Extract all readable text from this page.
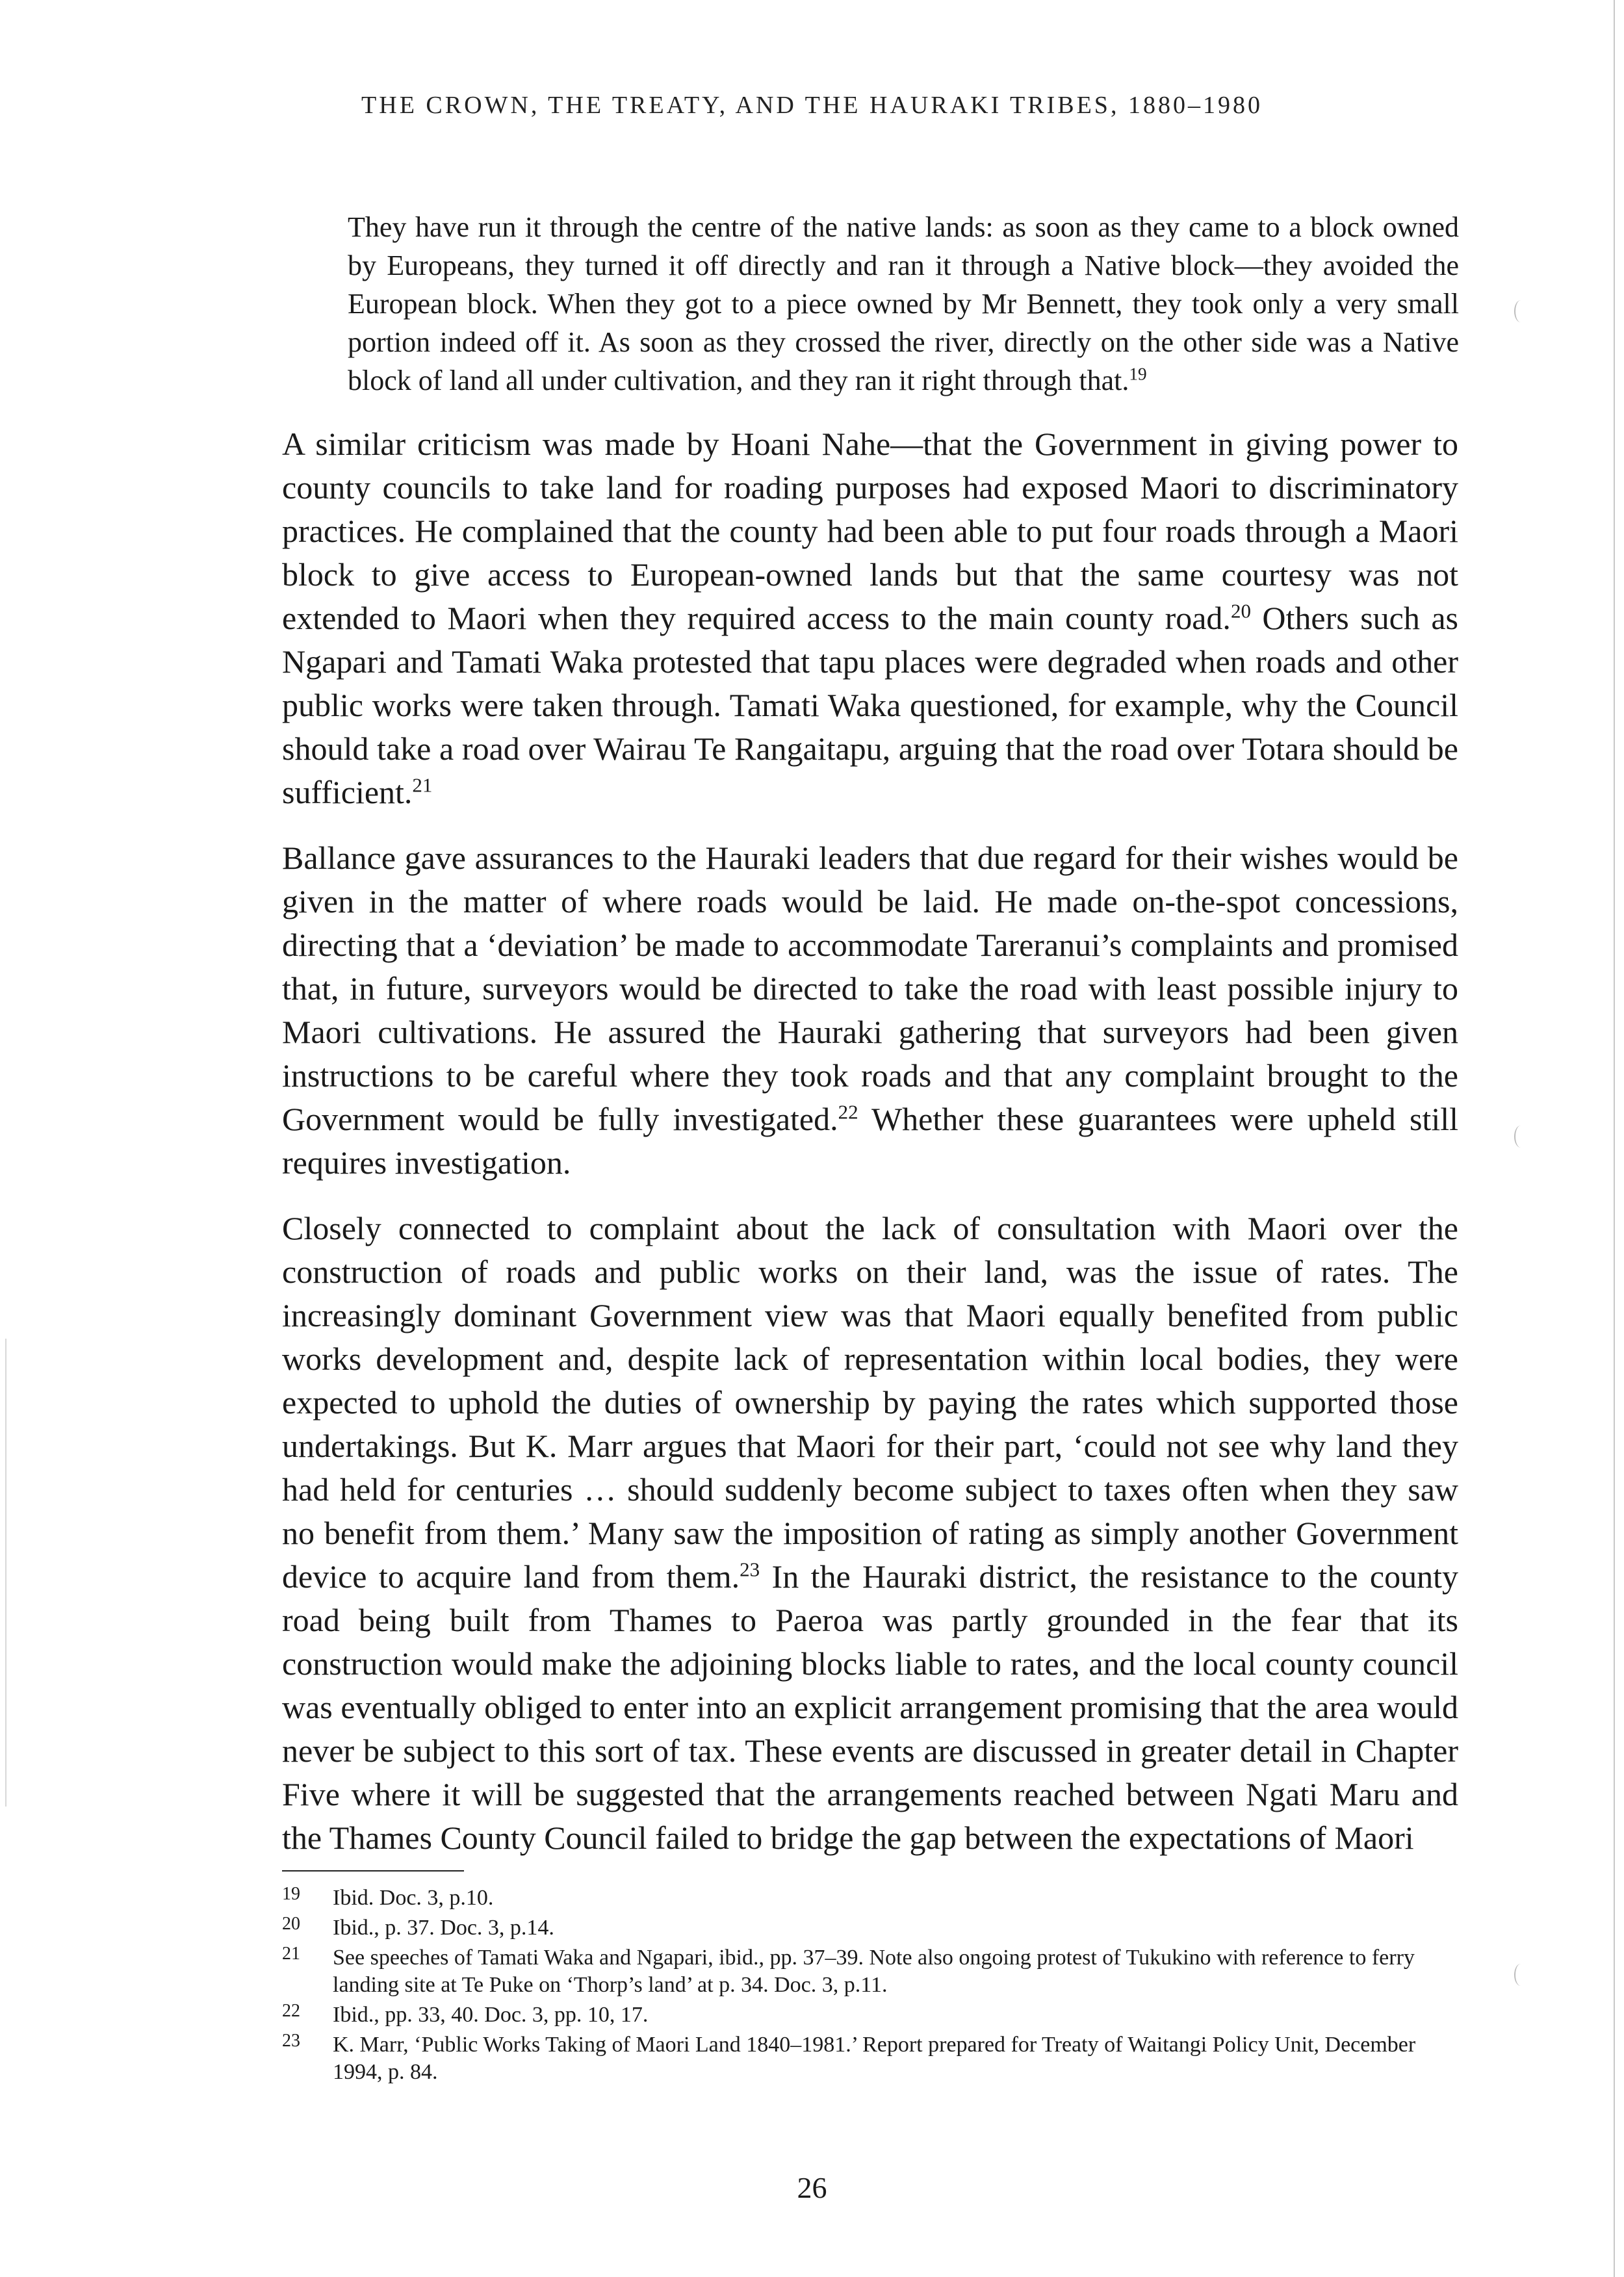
THE CROWN, THE TREATY, AND THE HAURAKI TRIBES, 1880–1980
They have run it through the centre of the native lands: as soon as they came to a block owned by Europeans, they turned it off directly and ran it through a Native block—they avoided the European block. When they got to a piece owned by Mr Bennett, they took only a very small portion indeed off it. As soon as they crossed the river, directly on the other side was a Native block of land all under cultivation, and they ran it right through that.$^{19}$

A similar criticism was made by Hoani Nahe—that the Government in giving power to county councils to take land for roading purposes had exposed Maori to discriminatory practices. He complained that the county had been able to put four roads through a Maori block to give access to European-owned lands but that the same courtesy was not extended to Maori when they required access to the main county road.$^{20}$ Others such as Ngapari and Tamati Waka protested that tapu places were degraded when roads and other public works were taken through. Tamati Waka questioned, for example, why the Council should take a road over Wairau Te Rangaitapu, arguing that the road over Totara should be sufficient.$^{21}$

Ballance gave assurances to the Hauraki leaders that due regard for their wishes would be given in the matter of where roads would be laid. He made on-the-spot concessions, directing that a ‘deviation’ be made to accommodate Tareranui’s complaints and promised that, in future, surveyors would be directed to take the road with least possible injury to Maori cultivations. He assured the Hauraki gathering that surveyors had been given instructions to be careful where they took roads and that any complaint brought to the Government would be fully investigated.$^{22}$ Whether these guarantees were upheld still requires investigation.

Closely connected to complaint about the lack of consultation with Maori over the construction of roads and public works on their land, was the issue of rates. The increasingly dominant Government view was that Maori equally benefited from public works development and, despite lack of representation within local bodies, they were expected to uphold the duties of ownership by paying the rates which supported those undertakings. But K. Marr argues that Maori for their part, ‘could not see why land they had held for centuries … should suddenly become subject to taxes often when they saw no benefit from them.’ Many saw the imposition of rating as simply another Government device to acquire land from them.$^{23}$ In the Hauraki district, the resistance to the county road being built from Thames to Paeroa was partly grounded in the fear that its construction would make the adjoining blocks liable to rates, and the local county council was eventually obliged to enter into an explicit arrangement promising that the area would never be subject to this sort of tax. These events are discussed in greater detail in Chapter Five where it will be suggested that the arrangements reached between Ngati Maru and the Thames County Council failed to bridge the gap between the expectations of Maori

19	Ibid. Doc. 3, p.10.
20	Ibid., p. 37. Doc. 3, p.14.
21	See speeches of Tamati Waka and Ngapari, ibid., pp. 37–39. Note also ongoing protest of Tukukino with reference to ferry landing site at Te Puke on ‘Thorp’s land’ at p. 34. Doc. 3, p.11.
22	Ibid., pp. 33, 40. Doc. 3, pp. 10, 17.
23	K. Marr, ‘Public Works Taking of Maori Land 1840–1981.’ Report prepared for Treaty of Waitangi Policy Unit, December 1994, p. 84.
26
